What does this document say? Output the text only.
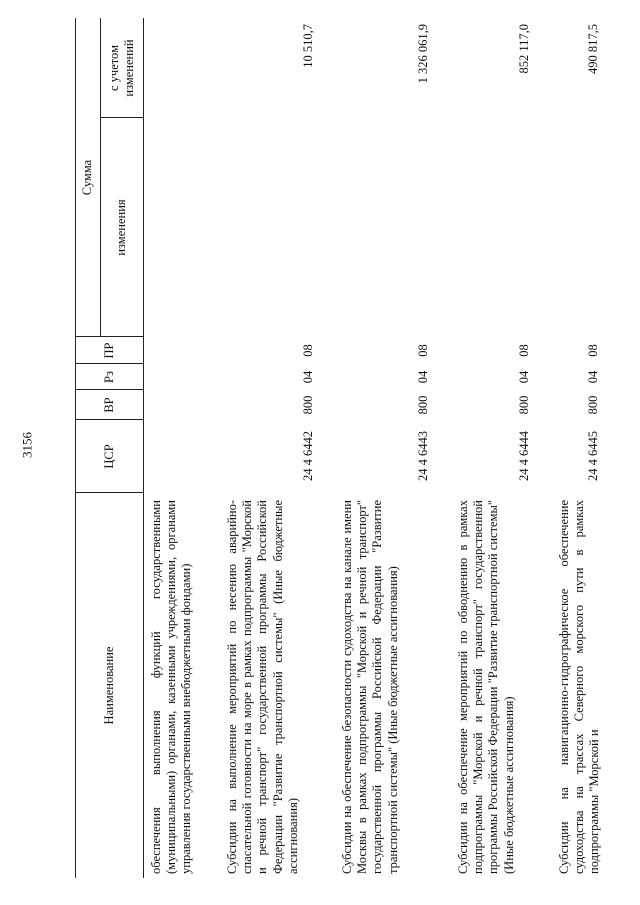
3156
Наименование
ЦСР
ВР
Рз
ПР
Сумма
изменения
с учетом изменений
обеспечения выполнения функций государственными (муниципальными) органами, казенными учреждениями, органами управления государственными внебюджетными фондами)	Субсидии на выполнение мероприятий по несению аварийно-спасательной готовности на море в рамках подпрограммы "Морской и речной транспорт" государственной программы Российской Федерации "Развитие транспортной системы" (Иные бюджетные ассигнования)
24 4 6442
800
04
08
10 510,7
Субсидии на обеспечение безопасности судоходства на канале имени Москвы в рамках подпрограммы "Морской и речной транспорт" государственной программы Российской Федерации "Развитие транспортной системы" (Иные бюджетные ассигнования)
24 4 6443
800
04
08
1 326 061,9
Субсидии на обеспечение мероприятий по обводнению в рамках подпрограммы "Морской и речной транспорт" государственной программы Российской Федерации "Развитие транспортной системы" (Иные бюджетные ассигнования)
24 4 6444
800
04
08
852 117,0
Субсидии на навигационно-гидрографическое обеспечение судоходства на трассах Северного морского пути в рамках подпрограммы "Морской и
24 4 6445
800
04
08
490 817,5
